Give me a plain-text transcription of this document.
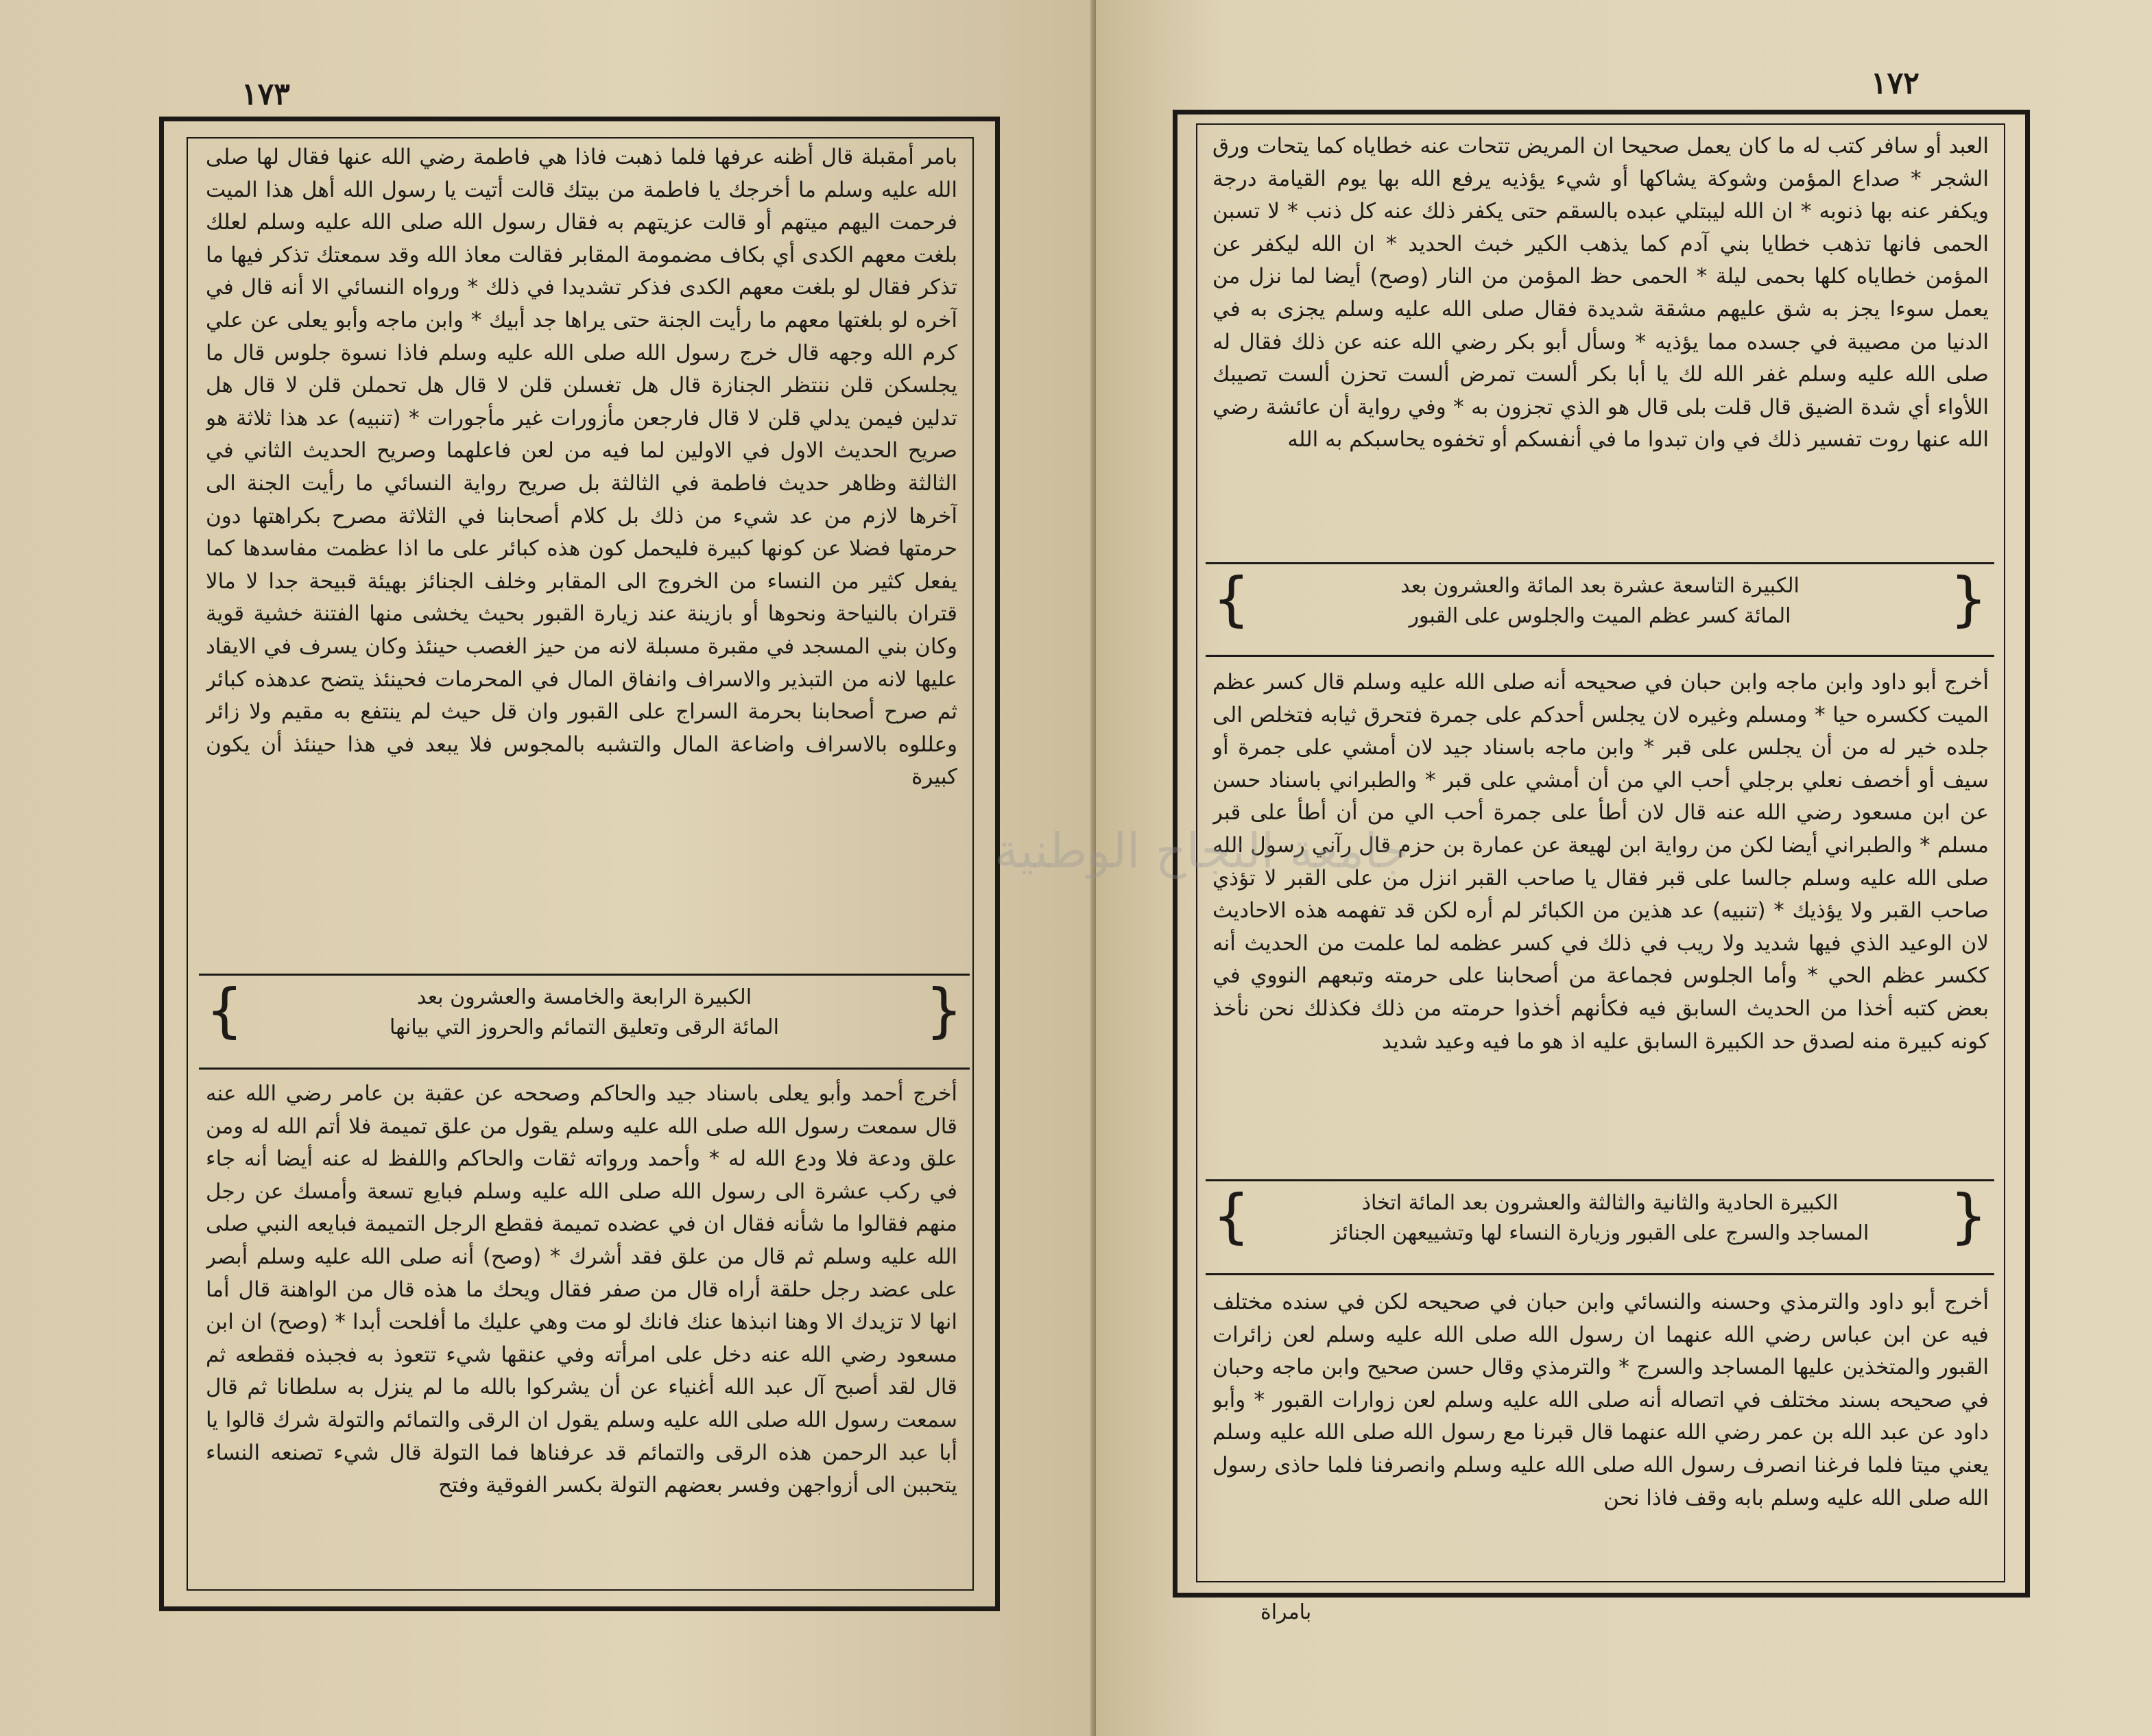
١٧٣
بامر أمقبلة قال أظنه عرفها فلما ذهبت فاذا هي فاطمة رضي الله عنها فقال لها صلى الله عليه وسلم ما أخرجك يا فاطمة من بيتك قالت أتيت يا رسول الله أهل هذا الميت فرحمت اليهم ميتهم أو قالت عزيتهم به فقال رسول الله صلى الله عليه وسلم لعلك بلغت معهم الكدى أي بكاف مضمومة المقابر فقالت معاذ الله وقد سمعتك تذكر فيها ما تذكر فقال لو بلغت معهم الكدى فذكر تشديدا في ذلك * ورواه النسائي الا أنه قال في آخره لو بلغتها معهم ما رأيت الجنة حتى يراها جد أبيك * وابن ماجه وأبو يعلى عن علي كرم الله وجهه قال خرج رسول الله صلى الله عليه وسلم فاذا نسوة جلوس قال ما يجلسكن قلن ننتظر الجنازة قال هل تغسلن قلن لا قال هل تحملن قلن لا قال هل تدلين فيمن يدلي قلن لا قال فارجعن مأزورات غير مأجورات * (تنبيه) عد هذا ثلاثة هو صريح الحديث الاول في الاولين لما فيه من لعن فاعلهما وصريح الحديث الثاني في الثالثة وظاهر حديث فاطمة في الثالثة بل صريح رواية النسائي ما رأيت الجنة الى آخرها لازم من عد شيء من ذلك بل كلام أصحابنا في الثلاثة مصرح بكراهتها دون حرمتها فضلا عن كونها كبيرة فليحمل كون هذه كبائر على ما اذا عظمت مفاسدها كما يفعل كثير من النساء من الخروج الى المقابر وخلف الجنائز بهيئة قبيحة جدا لا مالا قتران بالنياحة ونحوها أو بازينة عند زيارة القبور بحيث يخشى منها الفتنة خشية قوية وكان بني المسجد في مقبرة مسبلة لانه من حيز الغصب حينئذ وكان يسرف في الايقاد عليها لانه من التبذير والاسراف وانفاق المال في المحرمات فحينئذ يتضح عدهذه كبائر ثم صرح أصحابنا بحرمة السراج على القبور وان قل حيث لم ينتفع به مقيم ولا زائر وعللوه بالاسراف واضاعة المال والتشبه بالمجوس فلا يبعد في هذا حينئذ أن يكون كبيرة
{
الكبيرة الرابعة والخامسة والعشرون بعد
المائة الرقى وتعليق التمائم والحروز التي بيانها
}
أخرج أحمد وأبو يعلى باسناد جيد والحاكم وصححه عن عقبة بن عامر رضي الله عنه قال سمعت رسول الله صلى الله عليه وسلم يقول من علق تميمة فلا أتم الله له ومن علق ودعة فلا ودع الله له * وأحمد ورواته ثقات والحاكم واللفظ له عنه أيضا أنه جاء في ركب عشرة الى رسول الله صلى الله عليه وسلم فبايع تسعة وأمسك عن رجل منهم فقالوا ما شأنه فقال ان في عضده تميمة فقطع الرجل التميمة فبايعه النبي صلى الله عليه وسلم ثم قال من علق فقد أشرك * (وصح) أنه صلى الله عليه وسلم أبصر على عضد رجل حلقة أراه قال من صفر فقال ويحك ما هذه قال من الواهنة قال أما انها لا تزيدك الا وهنا انبذها عنك فانك لو مت وهي عليك ما أفلحت أبدا * (وصح) ان ابن مسعود رضي الله عنه دخل على امرأته وفي عنقها شيء تتعوذ به فجبذه فقطعه ثم قال لقد أصبح آل عبد الله أغنياء عن أن يشركوا بالله ما لم ينزل به سلطانا ثم قال سمعت رسول الله صلى الله عليه وسلم يقول ان الرقى والتمائم والتولة شرك قالوا يا أبا عبد الرحمن هذه الرقى والتمائم قد عرفناها فما التولة قال شيء تصنعه النساء يتحببن الى أزواجهن وفسر بعضهم التولة بكسر الفوقية وفتح
١٧٢
العبد أو سافر كتب له ما كان يعمل صحيحا ان المريض تتحات عنه خطاياه كما يتحات ورق الشجر * صداع المؤمن وشوكة يشاكها أو شيء يؤذيه يرفع الله بها يوم القيامة درجة ويكفر عنه بها ذنوبه * ان الله ليبتلي عبده بالسقم حتى يكفر ذلك عنه كل ذنب * لا تسبن الحمى فانها تذهب خطايا بني آدم كما يذهب الكير خبث الحديد * ان الله ليكفر عن المؤمن خطاياه كلها بحمى ليلة * الحمى حظ المؤمن من النار (وصح) أيضا لما نزل من يعمل سوءا يجز به شق عليهم مشقة شديدة فقال صلى الله عليه وسلم يجزى به في الدنيا من مصيبة في جسده مما يؤذيه * وسأل أبو بكر رضي الله عنه عن ذلك فقال له صلى الله عليه وسلم غفر الله لك يا أبا بكر ألست تمرض ألست تحزن ألست تصيبك اللأواء أي شدة الضيق قال قلت بلى قال هو الذي تجزون به * وفي رواية أن عائشة رضي الله عنها روت تفسير ذلك في وان تبدوا ما في أنفسكم أو تخفوه يحاسبكم به الله
{
الكبيرة التاسعة عشرة بعد المائة والعشرون بعد
المائة كسر عظم الميت والجلوس على القبور
}
أخرج أبو داود وابن ماجه وابن حبان في صحيحه أنه صلى الله عليه وسلم قال كسر عظم الميت ككسره حيا * ومسلم وغيره لان يجلس أحدكم على جمرة فتحرق ثيابه فتخلص الى جلده خير له من أن يجلس على قبر * وابن ماجه باسناد جيد لان أمشي على جمرة أو سيف أو أخصف نعلي برجلي أحب الي من أن أمشي على قبر * والطبراني باسناد حسن عن ابن مسعود رضي الله عنه قال لان أطأ على جمرة أحب الي من أن أطأ على قبر مسلم * والطبراني أيضا لكن من رواية ابن لهيعة عن عمارة بن حزم قال رآني رسول الله صلى الله عليه وسلم جالسا على قبر فقال يا صاحب القبر انزل من على القبر لا تؤذي صاحب القبر ولا يؤذيك * (تنبيه) عد هذين من الكبائر لم أره لكن قد تفهمه هذه الاحاديث لان الوعيد الذي فيها شديد ولا ريب في ذلك في كسر عظمه لما علمت من الحديث أنه ككسر عظم الحي * وأما الجلوس فجماعة من أصحابنا على حرمته وتبعهم النووي في بعض كتبه أخذا من الحديث السابق فيه فكأنهم أخذوا حرمته من ذلك فكذلك نحن نأخذ كونه كبيرة منه لصدق حد الكبيرة السابق عليه اذ هو ما فيه وعيد شديد
{
الكبيرة الحادية والثانية والثالثة والعشرون بعد المائة اتخاذ
المساجد والسرج على القبور وزيارة النساء لها وتشييعهن الجنائز
}
أخرج أبو داود والترمذي وحسنه والنسائي وابن حبان في صحيحه لكن في سنده مختلف فيه عن ابن عباس رضي الله عنهما ان رسول الله صلى الله عليه وسلم لعن زائرات القبور والمتخذين عليها المساجد والسرج * والترمذي وقال حسن صحيح وابن ماجه وحبان في صحيحه بسند مختلف في اتصاله أنه صلى الله عليه وسلم لعن زوارات القبور * وأبو داود عن عبد الله بن عمر رضي الله عنهما قال قبرنا مع رسول الله صلى الله عليه وسلم يعني ميتا فلما فرغنا انصرف رسول الله صلى الله عليه وسلم وانصرفنا فلما حاذى رسول الله صلى الله عليه وسلم بابه وقف فاذا نحن
بامراة
جامعة النجاح الوطنية
